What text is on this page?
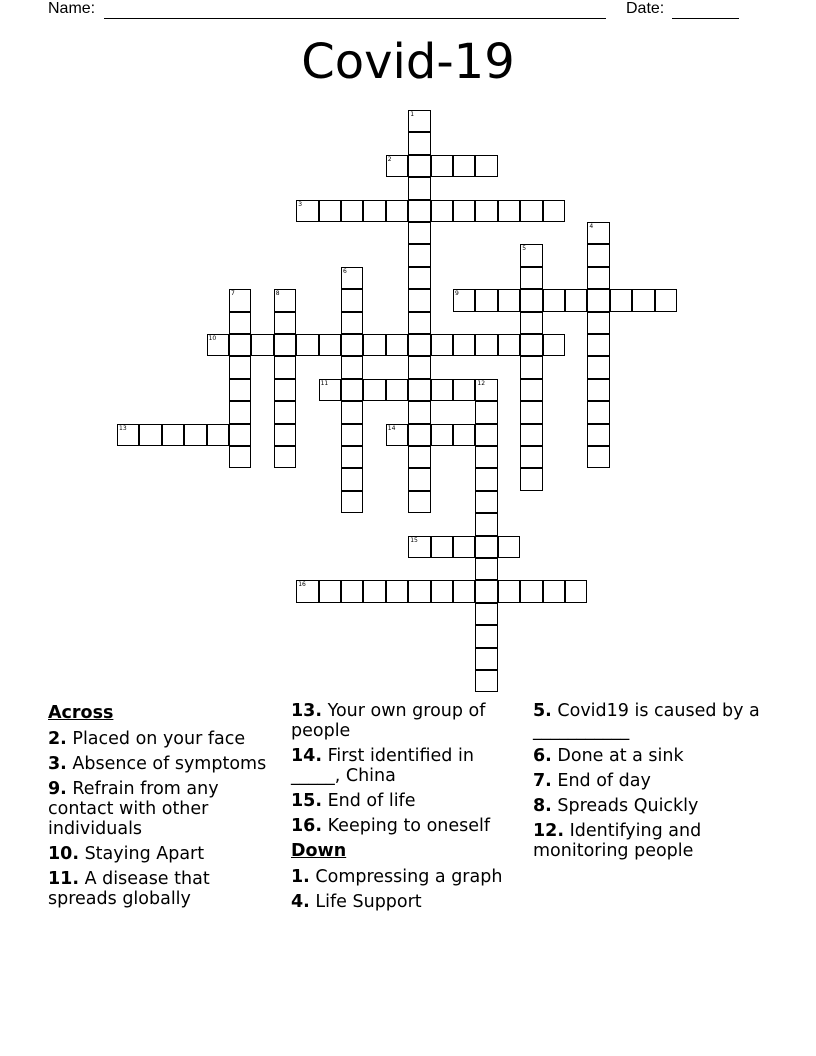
Name:	Date:
Covid-19
1
2
3
4
5
6
7	8	9
10
11	12
13	14
15
16
Across
2. Placed on your face
3. Absence of symptoms
9. Refrain from any contact with other individuals
10. Staying Apart
11. A disease that spreads globally
13. Your own group of people
14. First identified in _____, China
15. End of life
16. Keeping to oneself
Down
1. Compressing a graph
4. Life Support
5. Covid19 is caused by a ___________
6. Done at a sink
7. End of day
8. Spreads Quickly
12. Identifying and monitoring people
